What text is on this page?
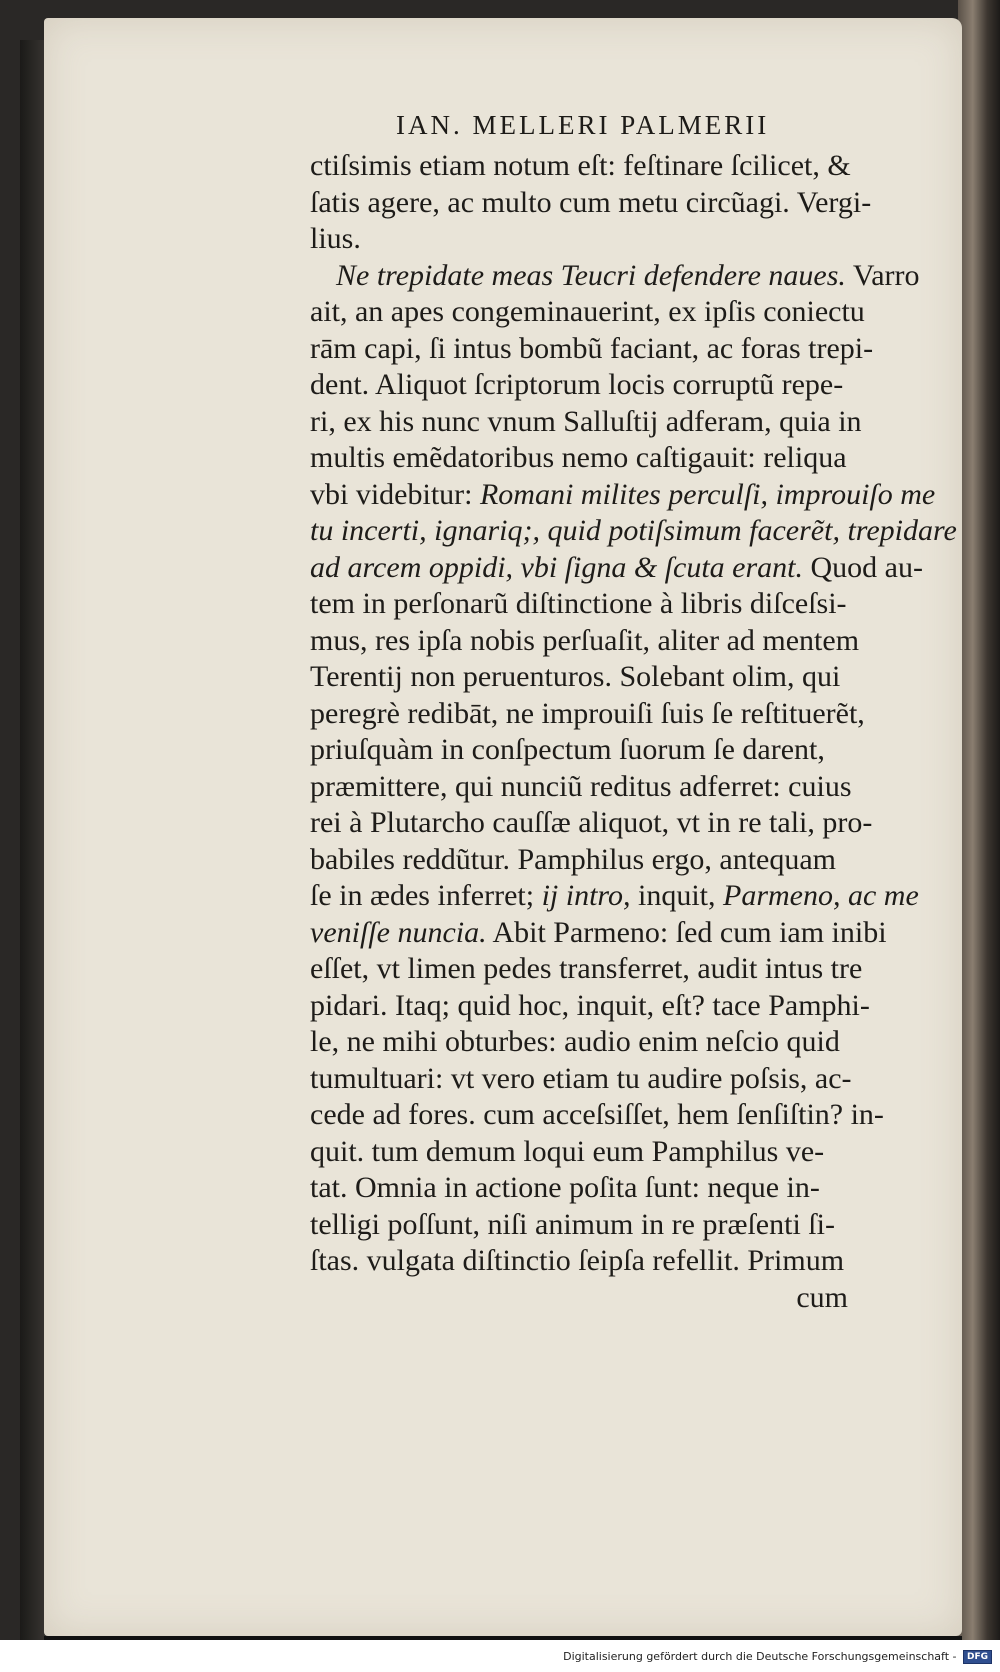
IAN. MELLERI PALMERII
ctiſsimis etiam notum eſt: feſtinare ſcilicet, &
ſatis agere, ac multo cum metu circũagi. Vergi-
lius.
Ne trepidate meas Teucri defendere naues. Varro
ait, an apes congeminauerint, ex ipſis coniectu
rām capi, ſi intus bombũ faciant, ac foras trepi-
dent. Aliquot ſcriptorum locis corruptũ repe-
ri, ex his nunc vnum Salluſtij adferam, quia in
multis emẽdatoribus nemo caſtigauit: reliqua
vbi videbitur: Romani milites perculſi, improuiſo me
tu incerti, ignariq;, quid potiſsimum facerẽt, trepidare
ad arcem oppidi, vbi ſigna & ſcuta erant. Quod au-
tem in perſonarũ diſtinctione à libris diſceſsi-
mus, res ipſa nobis perſuaſit, aliter ad mentem
Terentij non peruenturos. Solebant olim, qui
peregrè redibāt, ne improuiſi ſuis ſe reſtituerẽt,
priuſquàm in conſpectum ſuorum ſe darent,
præmittere, qui nunciũ reditus adferret: cuius
rei à Plutarcho cauſſæ aliquot, vt in re tali, pro-
babiles reddũtur. Pamphilus ergo, antequam
ſe in ædes inferret; ij intro, inquit, Parmeno, ac me
veniſſe nuncia. Abit Parmeno: ſed cum iam inibi
eſſet, vt limen pedes transferret, audit intus tre
pidari. Itaq; quid hoc, inquit, eſt? tace Pamphi-
le, ne mihi obturbes: audio enim neſcio quid
tumultuari: vt vero etiam tu audire poſsis, ac-
cede ad fores. cum acceſsiſſet, hem ſenſiſtin? in-
quit. tum demum loqui eum Pamphilus ve-
tat. Omnia in actione poſita ſunt: neque in-
telligi poſſunt, niſi animum in re præſenti ſi-
ſtas. vulgata diſtinctio ſeipſa refellit. Primum
cum
Digitalisierung gefördert durch die Deutsche Forschungsgemeinschaft - DFG
